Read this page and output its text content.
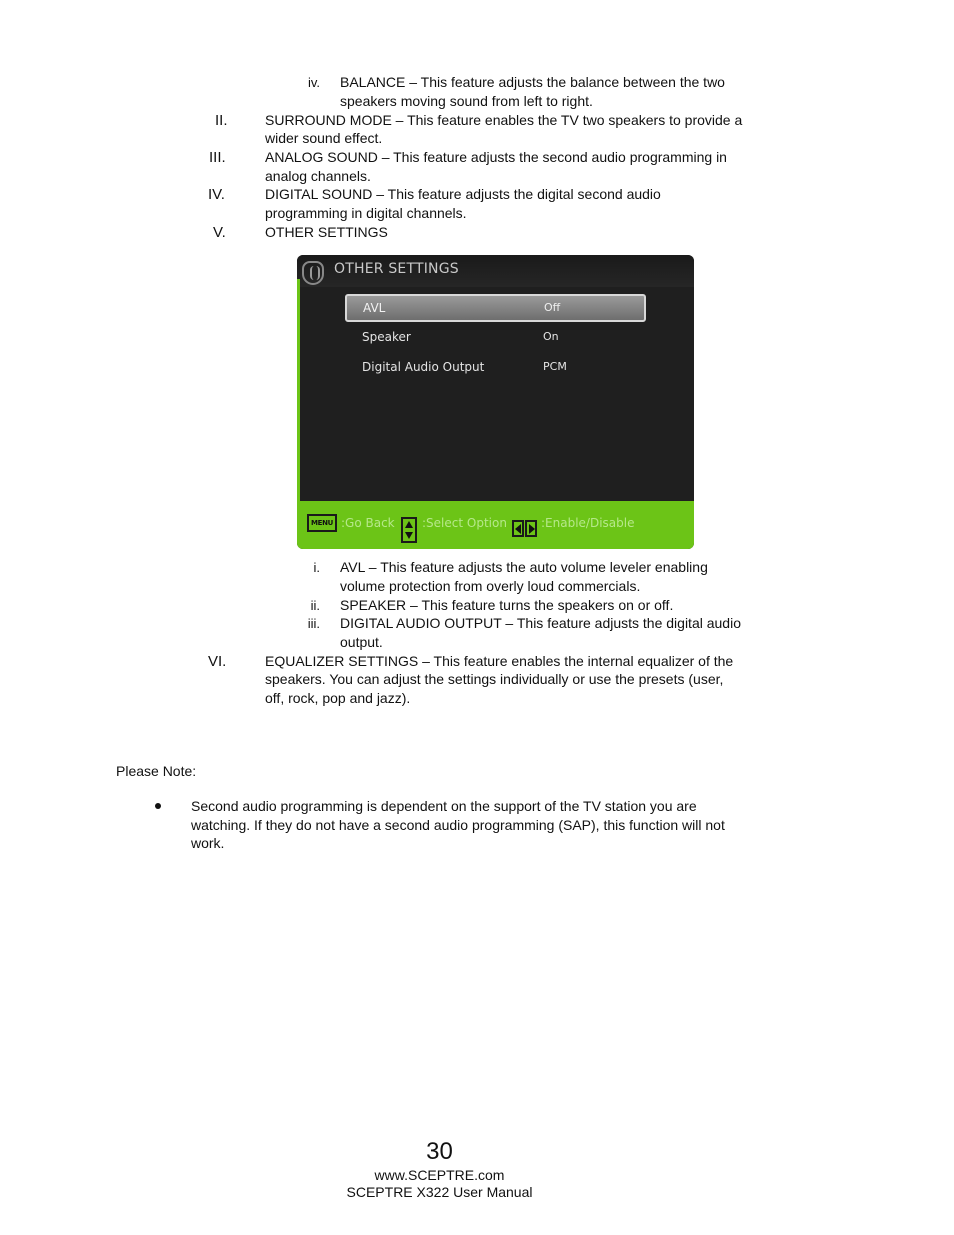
iv. BALANCE – This feature adjusts the balance between the two
speakers moving sound from left to right.
II.	SURROUND MODE – This feature enables the TV two speakers to provide a
wider sound effect.
III.	ANALOG SOUND – This feature adjusts the second audio programming in
analog channels.
IV.	DIGITAL SOUND – This feature adjusts the digital second audio
programming in digital channels.
V.	OTHER SETTINGS
OTHER SETTINGS
AVL	Off
Speaker	On
Digital Audio Output	PCM
MENU :Go Back :Select Option	:Enable/Disable
i. AVL – This feature adjusts the auto volume leveler enabling
volume protection from overly loud commercials.
ii. SPEAKER – This feature turns the speakers on or off.
iii. DIGITAL AUDIO OUTPUT – This feature adjusts the digital audio
output.
VI.	EQUALIZER SETTINGS – This feature enables the internal equalizer of the
speakers. You can adjust the settings individually or use the presets (user,
off, rock, pop and jazz).
Please Note:
Second audio programming is dependent on the support of the TV station you are
watching. If they do not have a second audio programming (SAP), this function will not
work.
30
www.SCEPTRE.com
SCEPTRE X322 User Manual
